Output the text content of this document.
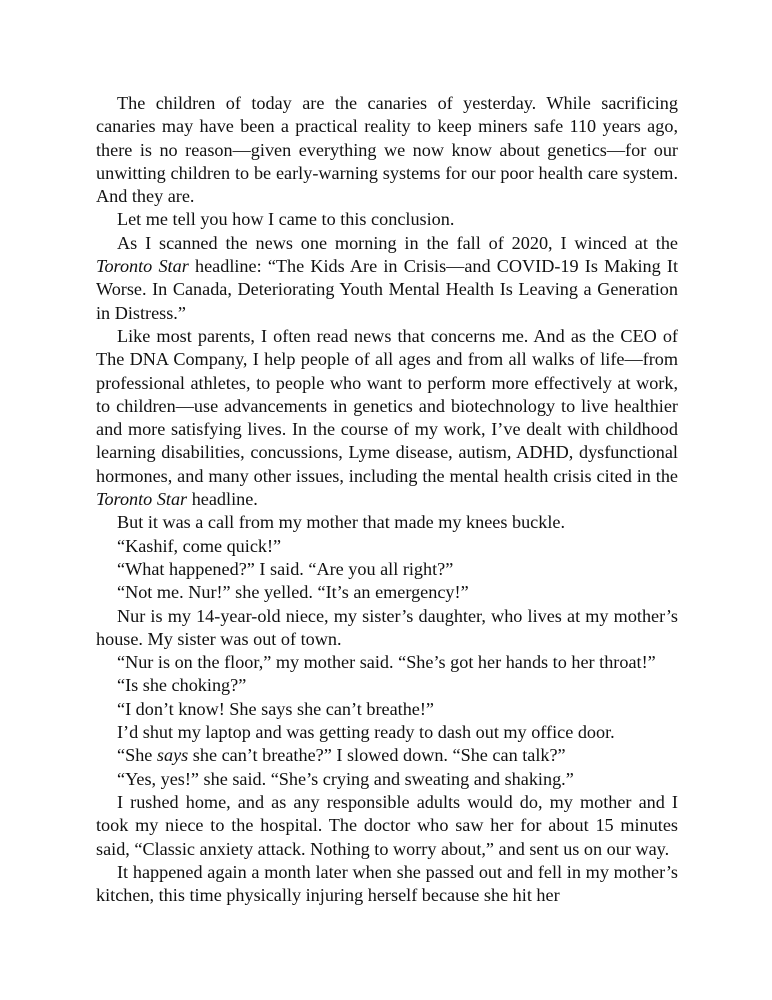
The children of today are the canaries of yesterday. While sacrificing canaries may have been a practical reality to keep miners safe 110 years ago, there is no reason—given everything we now know about genetics—for our unwitting children to be early-warning systems for our poor health care system. And they are.

Let me tell you how I came to this conclusion.

As I scanned the news one morning in the fall of 2020, I winced at the Toronto Star headline: “The Kids Are in Crisis—and COVID-19 Is Making It Worse. In Canada, Deteriorating Youth Mental Health Is Leaving a Generation in Distress.”

Like most parents, I often read news that concerns me. And as the CEO of The DNA Company, I help people of all ages and from all walks of life—from professional athletes, to people who want to perform more effectively at work, to children—use advancements in genetics and biotechnology to live healthier and more satisfying lives. In the course of my work, I’ve dealt with childhood learning disabilities, concussions, Lyme disease, autism, ADHD, dysfunctional hormones, and many other issues, including the mental health crisis cited in the Toronto Star headline.

But it was a call from my mother that made my knees buckle.

“Kashif, come quick!”

“What happened?” I said. “Are you all right?”

“Not me. Nur!” she yelled. “It’s an emergency!”

Nur is my 14-year-old niece, my sister’s daughter, who lives at my mother’s house. My sister was out of town.

“Nur is on the floor,” my mother said. “She’s got her hands to her throat!”

“Is she choking?”

“I don’t know! She says she can’t breathe!”

I’d shut my laptop and was getting ready to dash out my office door.

“She says she can’t breathe?” I slowed down. “She can talk?”

“Yes, yes!” she said. “She’s crying and sweating and shaking.”

I rushed home, and as any responsible adults would do, my mother and I took my niece to the hospital. The doctor who saw her for about 15 minutes said, “Classic anxiety attack. Nothing to worry about,” and sent us on our way.

It happened again a month later when she passed out and fell in my mother’s kitchen, this time physically injuring herself because she hit her
